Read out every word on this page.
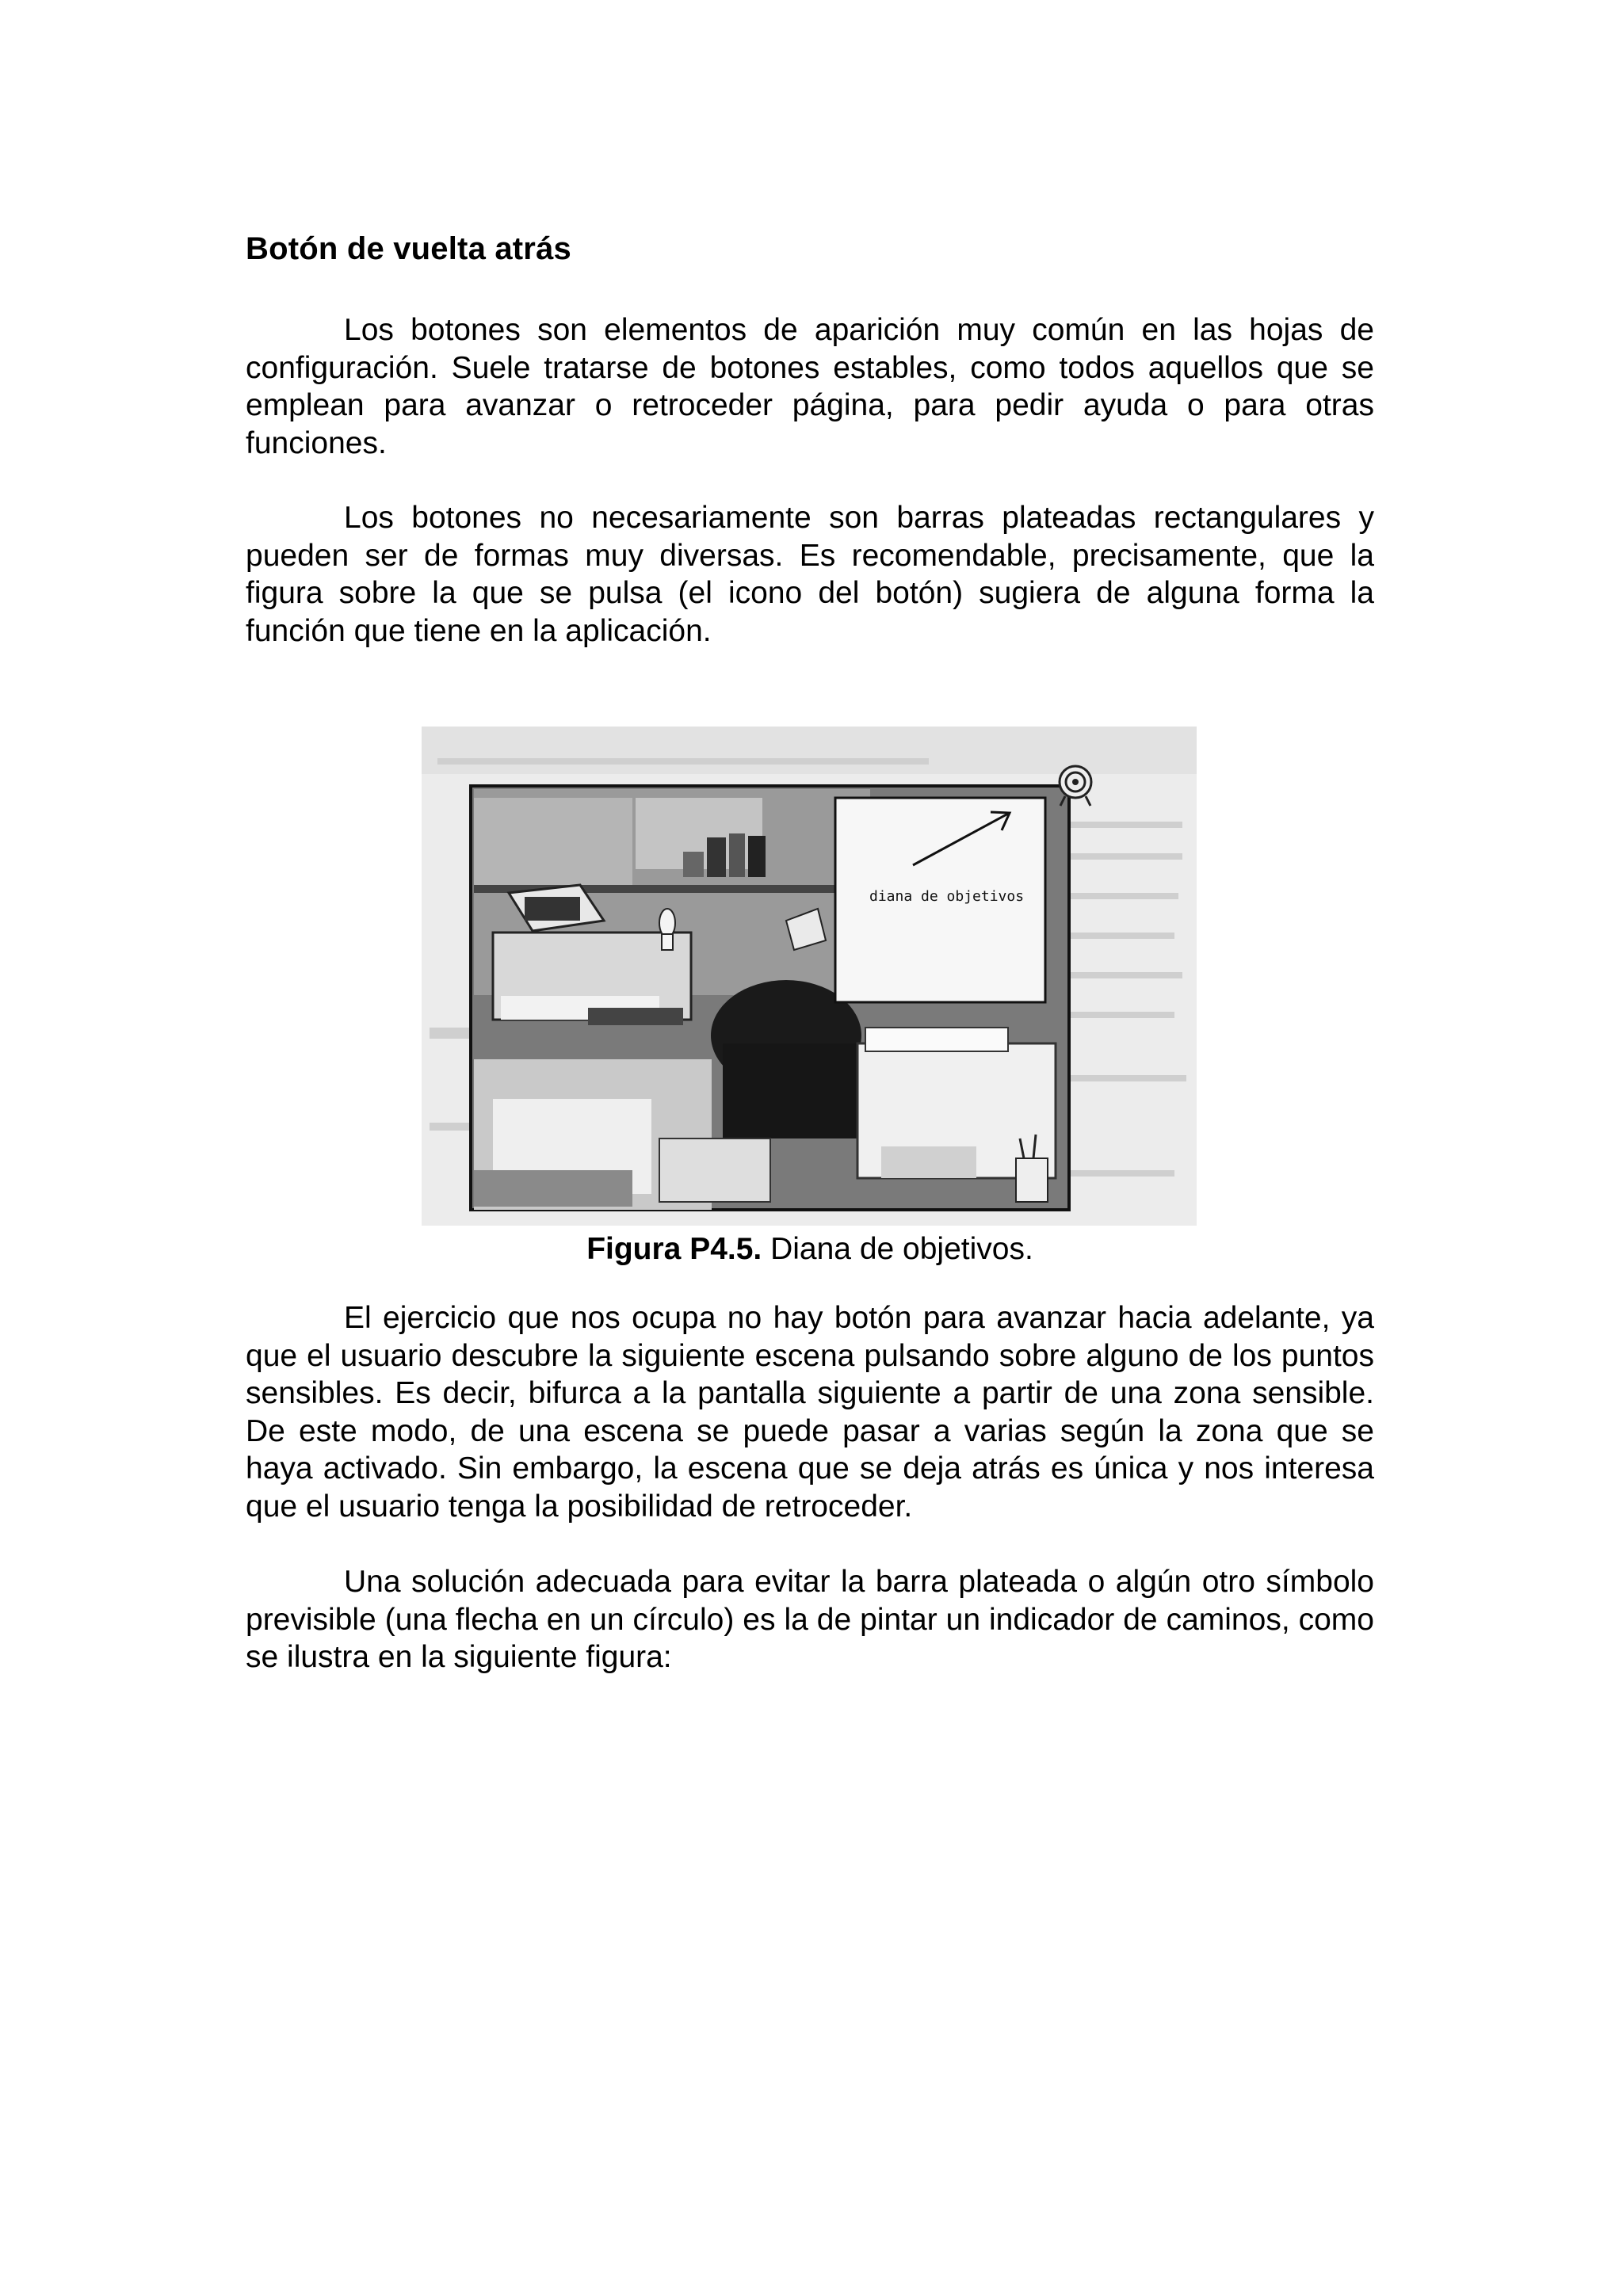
Botón de vuelta atrás

Los botones son elementos de aparición muy común en las hojas de configuración. Suele tratarse de botones estables, como todos aquellos que se emplean para avanzar o retroceder página, para pedir ayuda o para otras funciones.

Los botones no necesariamente son barras plateadas rectangulares y pueden ser de formas muy diversas. Es recomendable, precisamente, que la figura sobre la que se pulsa (el icono del botón) sugiera de alguna forma la función que tiene en la aplicación.

diana de objetivos

Figura P4.5. Diana de objetivos.

El ejercicio que nos ocupa no hay botón para avanzar hacia adelante, ya que el usuario descubre la siguiente escena pulsando sobre alguno de los puntos sensibles. Es decir, bifurca a la pantalla siguiente a partir de una zona sensible. De este modo, de una escena se puede pasar a varias según la zona que se haya activado. Sin embargo, la escena que se deja atrás es única y nos interesa que el usuario tenga la posibilidad de retroceder.

Una solución adecuada para evitar la barra plateada o algún otro símbolo previsible (una flecha en un círculo) es la de pintar un indicador de caminos, como se ilustra en la siguiente figura:
